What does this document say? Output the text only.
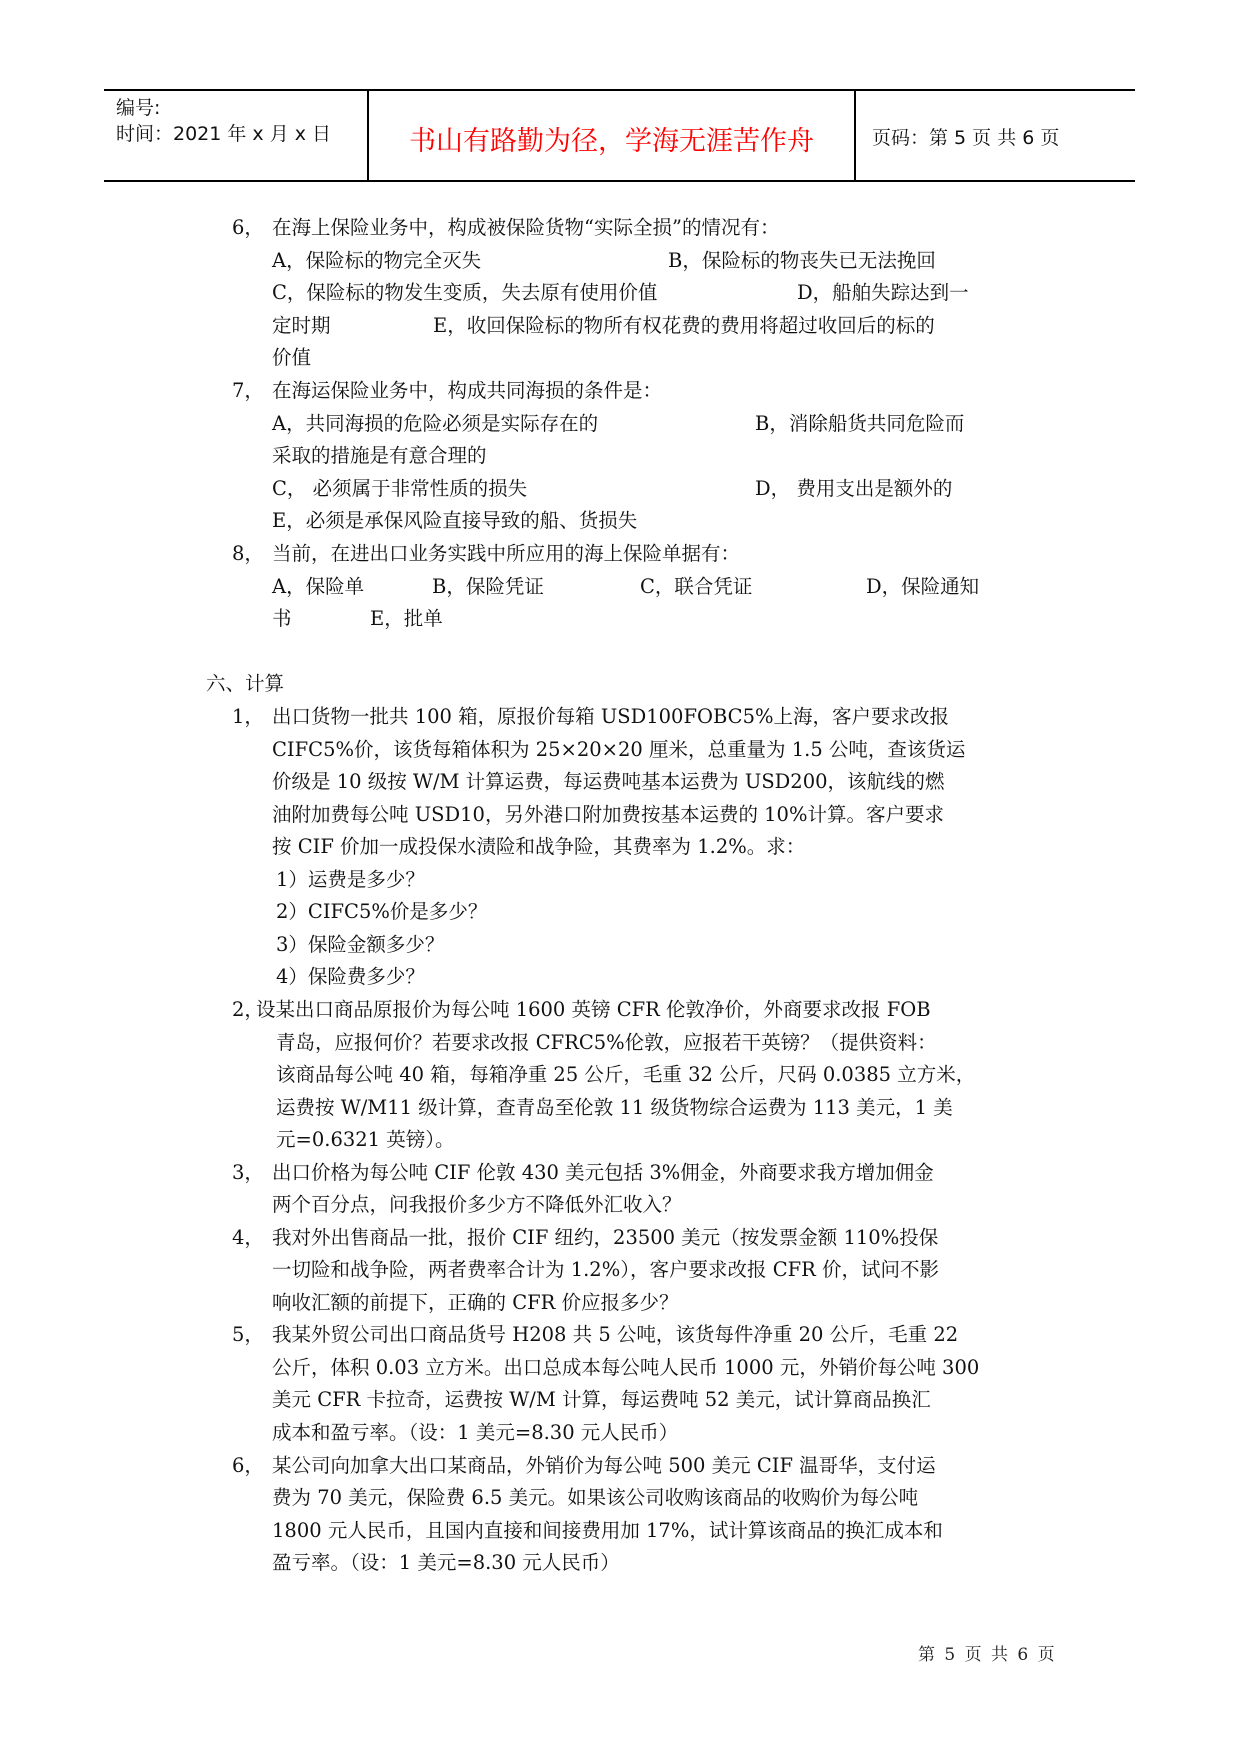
编号:
时间：2021 年 x 月 x 日	书山有路勤为径，学海无涯苦作舟	页码：第 5 页 共 6 页
6， 在海上保险业务中，构成被保险货物“实际全损”的情况有：
A，保险标的物完全灭失	B，保险标的物丧失已无法挽回
C，保险标的物发生变质，失去原有使用价值	D，船舶失踪达到一
定时期	E，收回保险标的物所有权花费的费用将超过收回后的标的
价值
7， 在海运保险业务中，构成共同海损的条件是：
A，共同海损的危险必须是实际存在的	B，消除船货共同危险而
采取的措施是有意合理的
C， 必须属于非常性质的损失	D， 费用支出是额外的
E，必须是承保风险直接导致的船、货损失
8， 当前，在进出口业务实践中所应用的海上保险单据有：
A，保险单	B，保险凭证	C，联合凭证	D，保险通知
书	E，批单
六、计算
1， 出口货物一批共 100 箱，原报价每箱 USD100FOBC5%上海，客户要求改报
CIFC5%价，该货每箱体积为 25×20×20 厘米，总重量为 1.5 公吨，查该货运
价级是 10 级按 W/M 计算运费，每运费吨基本运费为 USD200，该航线的燃
油附加费每公吨 USD10，另外港口附加费按基本运费的 10%计算。客户要求
按 CIF 价加一成投保水渍险和战争险，其费率为 1.2%。求：
1）运费是多少？
2）CIFC5%价是多少？
3）保险金额多少？
4）保险费多少？
2，
设某出口商品原报价为每公吨 1600 英镑 CFR 伦敦净价，外商要求改报 FOB
青岛，应报何价？若要求改报 CFRC5%伦敦，应报若干英镑？（提供资料：
该商品每公吨 40 箱，每箱净重 25 公斤，毛重 32 公斤，尺码 0.0385 立方米，
运费按 W/M11 级计算，查青岛至伦敦 11 级货物综合运费为 113 美元，1 美
元=0.6321 英镑）。
3， 出口价格为每公吨 CIF 伦敦 430 美元包括 3%佣金，外商要求我方增加佣金
两个百分点，问我报价多少方不降低外汇收入？
4， 我对外出售商品一批，报价 CIF 纽约，23500 美元（按发票金额 110%投保
一切险和战争险，两者费率合计为 1.2%），客户要求改报 CFR 价，试问不影
响收汇额的前提下，正确的 CFR 价应报多少？
5， 我某外贸公司出口商品货号 H208 共 5 公吨，该货每件净重 20 公斤，毛重 22
公斤，体积 0.03 立方米。出口总成本每公吨人民币 1000 元，外销价每公吨 300
美元 CFR 卡拉奇，运费按 W/M 计算，每运费吨 52 美元，试计算商品换汇
成本和盈亏率。（设：1 美元=8.30 元人民币）
6， 某公司向加拿大出口某商品，外销价为每公吨 500 美元 CIF 温哥华，支付运
费为 70 美元，保险费 6.5 美元。如果该公司收购该商品的收购价为每公吨
1800 元人民币，且国内直接和间接费用加 17%，试计算该商品的换汇成本和
盈亏率。（设：1 美元=8.30 元人民币）
第 5 页 共 6 页
